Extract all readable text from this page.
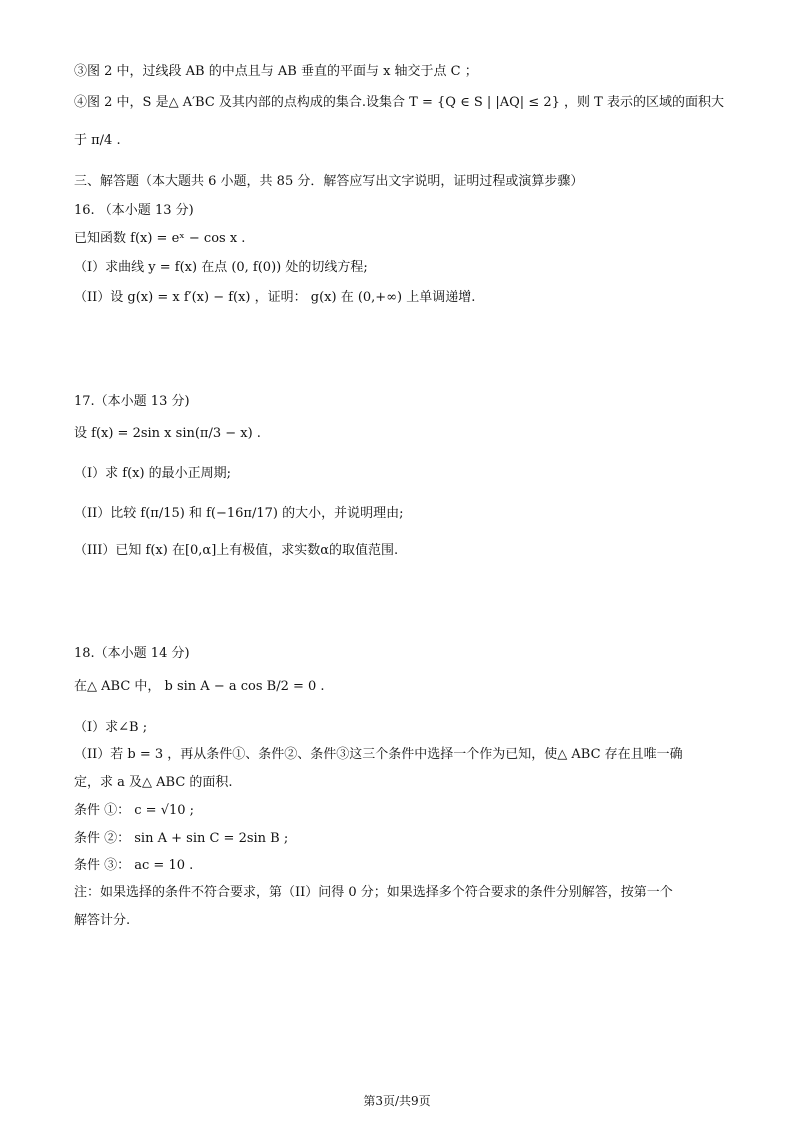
③图 2 中，过线段 AB 的中点且与 AB 垂直的平面与 x 轴交于点 C ；
④图 2 中，S 是△ A′BC 及其内部的点构成的集合.设集合 T = {Q ∈ S | |AQ| ≤ 2} ，则 T 表示的区域的面积大
于 π/4 .
三、解答题（本大题共 6 小题，共 85 分．解答应写出文字说明，证明过程或演算步骤）
16. （本小题 13 分)
已知函数 f(x) = eˣ − cos x .
（I）求曲线 y = f(x) 在点 (0, f(0)) 处的切线方程;
（II）设 g(x) = x f′(x) − f(x) ，证明： g(x) 在 (0,+∞) 上单调递增.
17.（本小题 13 分)
设 f(x) = 2sin x sin(π/3 − x) .
（I）求 f(x) 的最小正周期;
（II）比较 f(π/15) 和 f(−16π/17) 的大小，并说明理由;
（III）已知 f(x) 在[0,α]上有极值，求实数α的取值范围.
18.（本小题 14 分)
在△ ABC 中， b sin A − a cos B/2 = 0 .
（I）求∠B ;
（II）若 b = 3 ，再从条件①、条件②、条件③这三个条件中选择一个作为已知，使△ ABC 存在且唯一确
定，求 a 及△ ABC 的面积.
条件 ①： c = √10 ;
条件 ②： sin A + sin C = 2sin B ;
条件 ③： ac = 10 .
注：如果选择的条件不符合要求，第（II）问得 0 分；如果选择多个符合要求的条件分别解答，按第一个
解答计分.
第3页/共9页
